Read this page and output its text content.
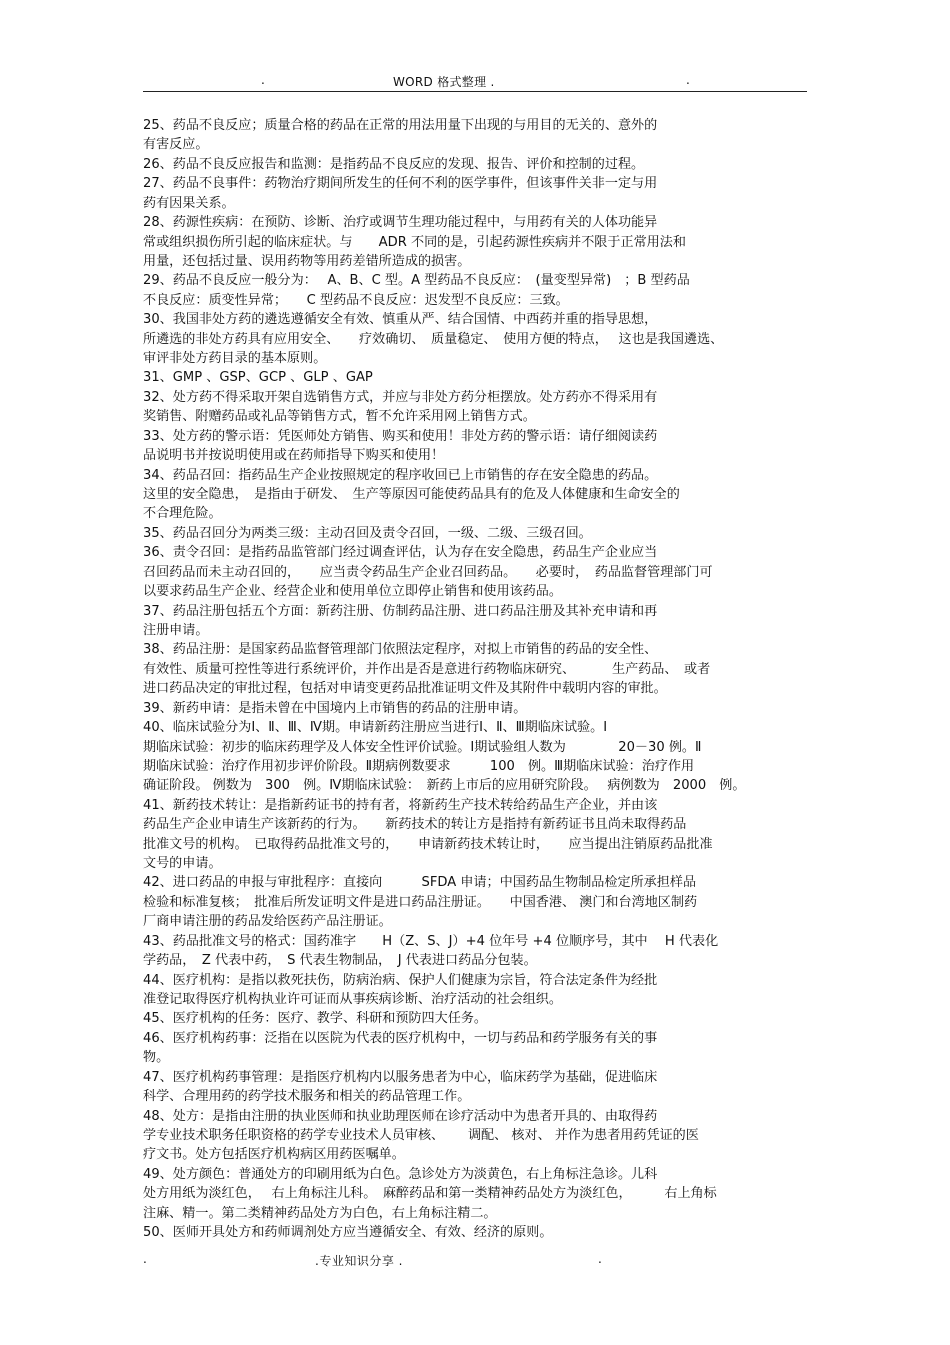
.	WORD 格式整理 .	.
25、药品不良反应；质量合格的药品在正常的用法用量下出现的与用目的无关的、意外的
有害反应。
26、药品不良反应报告和监测：是指药品不良反应的发现、报告、评价和控制的过程。
27、药品不良事件：药物治疗期间所发生的任何不利的医学事件，但该事件关非一定与用
药有因果关系。
28、药源性疾病：在预防、诊断、治疗或调节生理功能过程中，与用药有关的人体功能异
常或组织损伤所引起的临床症状。与　　ADR 不同的是，引起药源性疾病并不限于正常用法和
用量，还包括过量、误用药物等用药差错所造成的损害。
29、药品不良反应一般分为：　 A、B、C 型。A 型药品不良反应：　(量变型异常)　；B 型药品
不良反应：质变性异常；　　C 型药品不良反应：迟发型不良反应：三致。
30、我国非处方药的遴选遵循安全有效、慎重从严、结合国情、中西药并重的指导思想，
所遴选的非处方药具有应用安全、　　疗效确切、　质量稳定、　使用方便的特点，　 这也是我国遴选、
审评非处方药目录的基本原则。
31、GMP 、GSP、GCP 、GLP 、GAP
32、处方药不得采取开架自选销售方式，并应与非处方药分柜摆放。处方药亦不得采用有
奖销售、附赠药品或礼品等销售方式，暂不允许采用网上销售方式。
33、处方药的警示语：凭医师处方销售、购买和使用！非处方药的警示语：请仔细阅读药
品说明书并按说明使用或在药师指导下购买和使用！
34、药品召回：指药品生产企业按照规定的程序收回已上市销售的存在安全隐患的药品。
这里的安全隐患，　是指由于研发、　生产等原因可能使药品具有的危及人体健康和生命安全的
不合理危险。
35、药品召回分为两类三级：主动召回及责令召回，一级、二级、三级召回。
36、责令召回：是指药品监管部门经过调查评估，认为存在安全隐患，药品生产企业应当
召回药品而未主动召回的，　　应当责令药品生产企业召回药品。　　必要时，　药品监督管理部门可
以要求药品生产企业、经营企业和使用单位立即停止销售和使用该药品。
37、药品注册包括五个方面：新药注册、仿制药品注册、进口药品注册及其补充申请和再
注册申请。
38、药品注册：是国家药品监督管理部门依照法定程序，对拟上市销售的药品的安全性、
有效性、质量可控性等进行系统评价，并作出是否是意进行药物临床研究、　　　 生产药品、　或者
进口药品决定的审批过程，包括对申请变更药品批准证明文件及其附件中载明内容的审批。
39、新药申请：是指未曾在中国境内上市销售的药品的注册申请。
40、临床试验分为Ⅰ、Ⅱ、Ⅲ、Ⅳ期。申请新药注册应当进行Ⅰ、Ⅱ、Ⅲ期临床试验。Ⅰ
期临床试验：初步的临床药理学及人体安全性评价试验。Ⅰ期试验组人数为　　　　20－30 例。Ⅱ
期临床试验：治疗作用初步评价阶段。Ⅱ期病例数要求　　　100　例。Ⅲ期临床试验：治疗作用
确证阶段。 例数为　300　例。Ⅳ期临床试验：　新药上市后的应用研究阶段。　 病例数为　2000　例。
41、新药技术转让：是指新药证书的持有者，将新药生产技术转给药品生产企业，并由该
药品生产企业申请生产该新药的行为。　　新药技术的转让方是指持有新药证书且尚未取得药品
批准文号的机构。　已取得药品批准文号的，　　申请新药技术转让时，　　应当提出注销原药品批准
文号的申请。
42、进口药品的申报与审批程序：直接向　　　SFDA 申请；中国药品生物制品检定所承担样品
检验和标准复核；　批准后所发证明文件是进口药品注册证。　　中国香港、 澳门和台湾地区制药
厂商申请注册的药品发给医药产品注册证。
43、药品批准文号的格式：国药准字　　H（Z、S、J）+4 位年号 +4 位顺序号，其中　 H 代表化
学药品，　Z 代表中药，　S 代表生物制品，　J 代表进口药品分包装。
44、医疗机构：是指以救死扶伤，防病治病、保护人们健康为宗旨，符合法定条件为经批
准登记取得医疗机构执业许可证而从事疾病诊断、治疗活动的社会组织。
45、医疗机构的任务：医疗、教学、科研和预防四大任务。
46、医疗机构药事：泛指在以医院为代表的医疗机构中，一切与药品和药学服务有关的事
物。
47、医疗机构药事管理：是指医疗机构内以服务患者为中心，临床药学为基础，促进临床
科学、合理用药的药学技术服务和相关的药品管理工作。
48、处方：是指由注册的执业医师和执业助理医师在诊疗活动中为患者开具的、由取得药
学专业技术职务任职资格的药学专业技术人员审核、　　 调配、 核对、 并作为患者用药凭证的医
疗文书。处方包括医疗机构病区用药医嘱单。
49、处方颜色：普通处方的印刷用纸为白色。急诊处方为淡黄色，右上角标注急诊。儿科
处方用纸为淡红色，　 右上角标注儿科。　麻醉药品和第一类精神药品处方为淡红色，　　　右上角标
注麻、精一。第二类精神药品处方为白色，右上角标注精二。
50、医师开具处方和药师调剂处方应当遵循安全、有效、经济的原则。
.	.专业知识分享 .	.
